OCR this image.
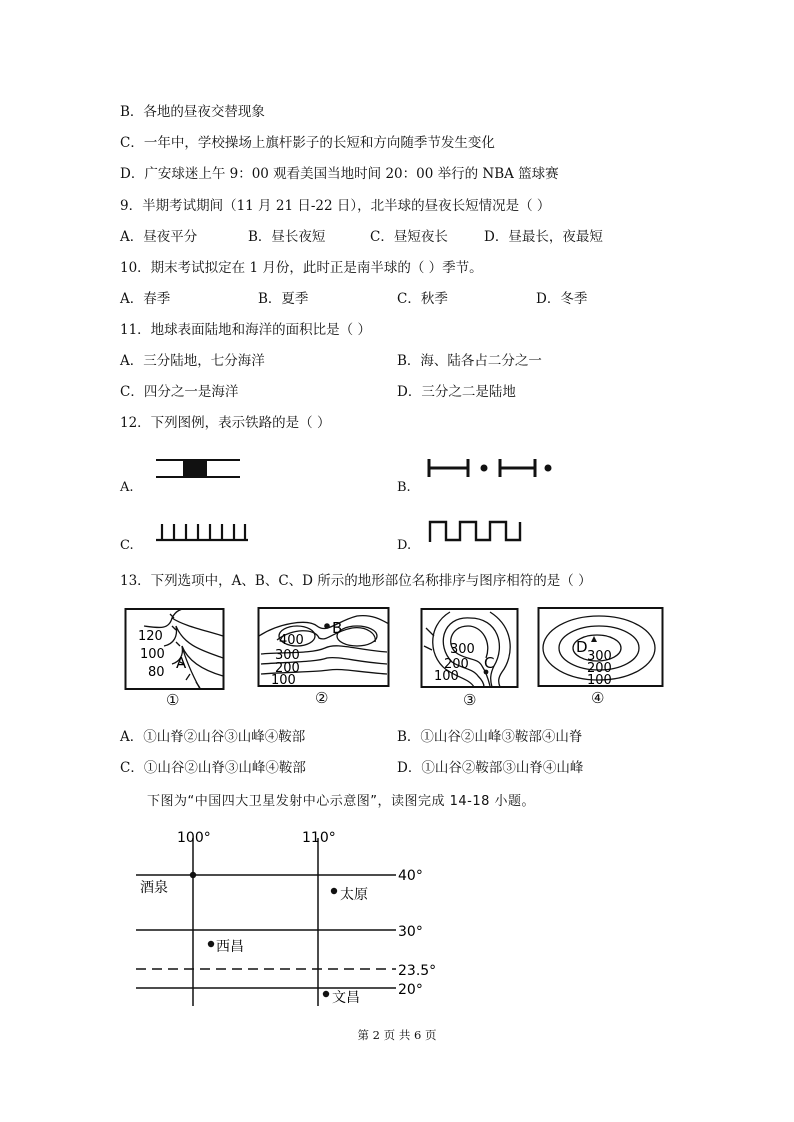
B．各地的昼夜交替现象
C．一年中，学校操场上旗杆影子的长短和方向随季节发生变化
D．广安球迷上午 9：00 观看美国当地时间 20：00 举行的 NBA 篮球赛
9．半期考试期间（11 月 21 日-22 日），北半球的昼夜长短情况是（ ）
A．昼夜平分	B．昼长夜短	C．昼短夜长	D．昼最长，夜最短
10．期末考试拟定在 1 月份，此时正是南半球的（ ）季节。
A．春季	B．夏季	C．秋季	D．冬季
11．地球表面陆地和海洋的面积比是（ ）
A．三分陆地，七分海洋	B．海、陆各占二分之一
C．四分之一是海洋	D．三分之二是陆地
12．下列图例，表示铁路的是（ ）
A.	B.
C.	D.
13．下列选项中，A、B、C、D 所示的地形部位名称排序与图序相符的是（ ）
120
100
80
A
①
B
400
300
200
100
②
300
200
100
C
③
D
300
200
100
④
A．①山脊②山谷③山峰④鞍部	B．①山谷②山峰③鞍部④山脊
C．①山谷②山脊③山峰④鞍部	D．①山谷②鞍部③山脊④山峰
下图为“中国四大卫星发射中心示意图”，读图完成 14-18 小题。
100°	110°
40°
30°
23.5°
20°
酒泉	太原
西昌
文昌
第 2 页 共 6 页
